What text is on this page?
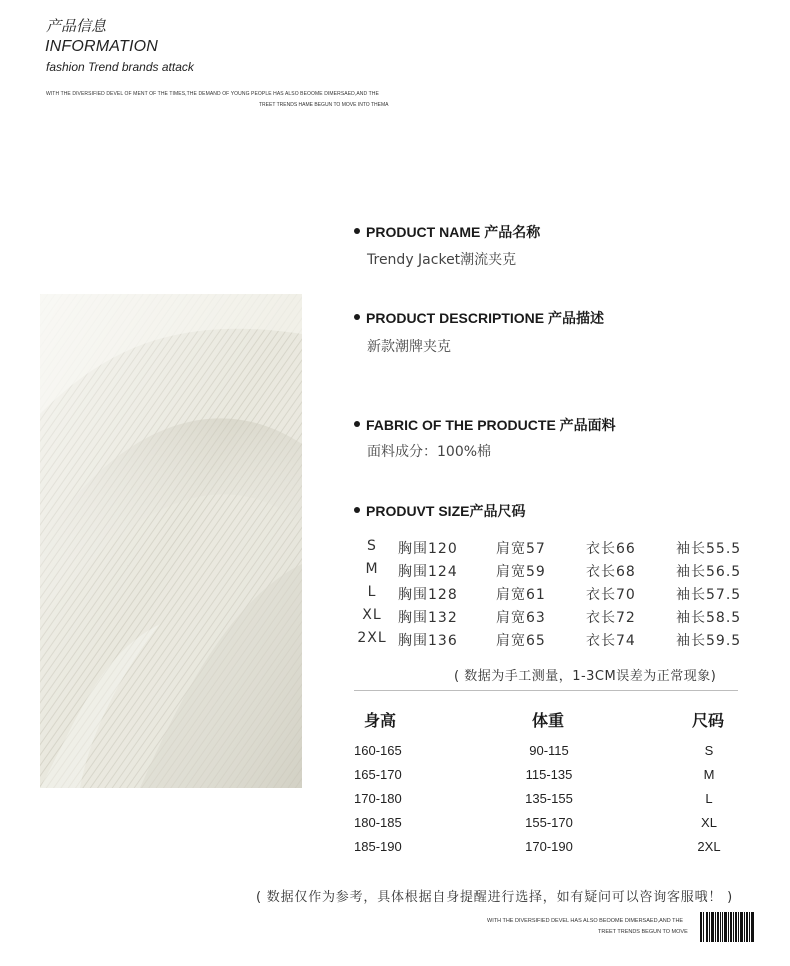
产品信息
INFORMATION
fashion Trend brands attack
WITH THE DIVERSIFIED DEVEL OF MENT OF THE TIMES,THE DEMAND OF YOUNG PEOPLE HAS ALSO BEOOME DIMERSAED,AND THE
TREET TRENDS HAME BEGUN TO MOVE INTO THEMA
PRODUCT NAME 产品名称
Trendy Jacket潮流夹克
PRODUCT DESCRIPTIONE 产品描述
新款潮牌夹克
FABRIC OF THE PRODUCTE 产品面料
面料成分：100%棉
PRODUVT SIZE产品尺码
S	胸围120	肩宽57	衣长66	袖长55.5
M	胸围124	肩宽59	衣长68	袖长56.5
L	胸围128	肩宽61	衣长70	袖长57.5
XL	胸围132	肩宽63	衣长72	袖长58.5
2XL 胸围136	肩宽65	衣长74	袖长59.5
( 数据为手工测量，1-3CM误差为正常现象)
身高	体重	尺码
160-165	90-115	S
165-170	115-135	M
170-180	135-155	L
180-185	155-170	XL
185-190	170-190	2XL
( 数据仅作为参考，具体根据自身提醒进行选择，如有疑问可以咨询客服哦！ )
WITH THE DIVERSIFIED DEVEL HAS ALSO BEOOME DIMERSAED,AND THE
TREET TRENDS BEGUN TO MOVE
